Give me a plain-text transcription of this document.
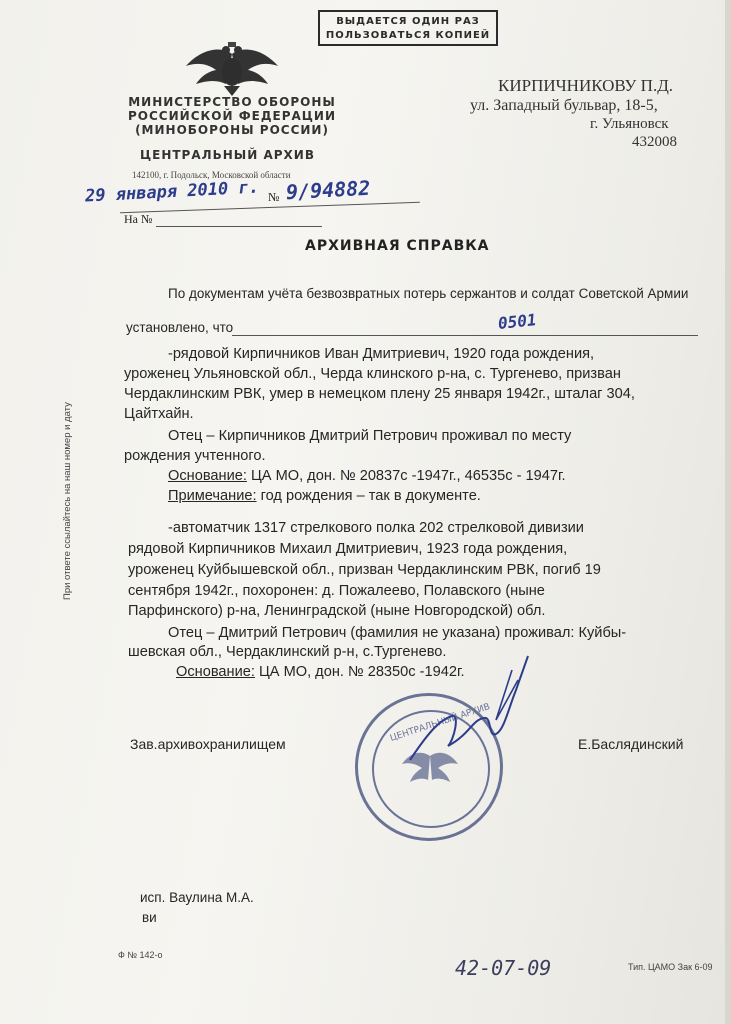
ВЫДАЕТСЯ ОДИН РАЗ
ПОЛЬЗОВАТЬСЯ КОПИЕЙ
МИНИСТЕРСТВО ОБОРОНЫ
РОССИЙСКОЙ ФЕДЕРАЦИИ
(МИНОБОРОНЫ РОССИИ)
ЦЕНТРАЛЬНЫЙ АРХИВ
142100, г. Подольск, Московской области
29 января 2010 г. № 9/94882
На №
КИРПИЧНИКОВУ П.Д.
ул. Западный бульвар, 18-5,
г. Ульяновск
432008
АРХИВНАЯ СПРАВКА
При ответе ссылайтесь на наш номер и дату
По документам учёта безвозвратных потерь сержантов и солдат Советской Армии
установлено, что	0501
-рядовой Кирпичников Иван Дмитриевич, 1920 года рождения,
уроженец Ульяновской обл., Черда клинского р-на, с. Тургенево, призван
Чердаклинским РВК, умер в немецком плену 25 января 1942г., шталаг 304,
Цайтхайн.
Отец – Кирпичников Дмитрий Петрович проживал по месту
рождения учтенного.
Основание: ЦА МО, дон. № 20837с -1947г., 46535с - 1947г.
Примечание: год рождения – так в документе.
-автоматчик 1317 стрелкового полка 202 стрелковой дивизии
рядовой Кирпичников Михаил Дмитриевич, 1923 года рождения,
уроженец Куйбышевской обл., призван Чердаклинским РВК, погиб 19
сентября 1942г., похоронен: д. Пожалеево, Полавского (ныне
Парфинского) р-на, Ленинградской (ныне Новгородской) обл.
Отец – Дмитрий Петрович (фамилия не указана) проживал: Куйбы-
шевская обл., Чердаклинский р-н, с.Тургенево.
Основание: ЦА МО, дон. № 28350с -1942г.
Зав.архивохранилищем	Е.Баслядинский
ЦЕНТРАЛЬНЫЙ АРХИВ
исп. Ваулина М.А.
ви
Ф № 142-о
42-07-09	Тип. ЦАМО Зак 6-09
